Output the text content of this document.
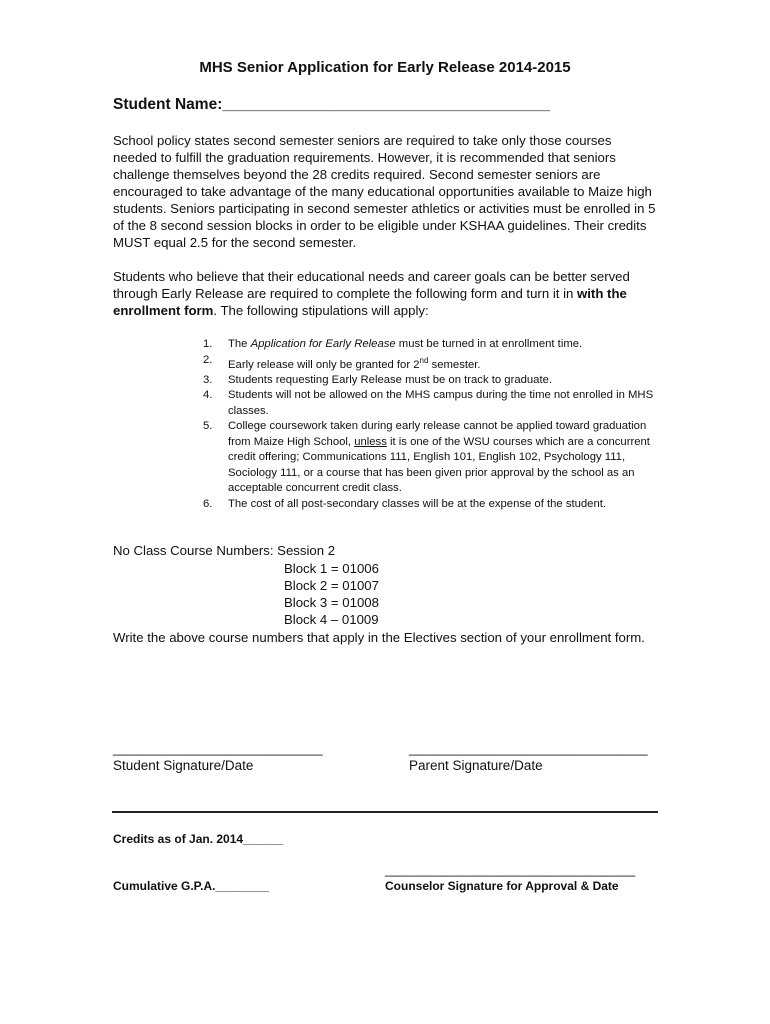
MHS Senior Application for Early Release 2014-2015
Student Name:______________________________________
School policy states second semester seniors are required to take only those courses needed to fulfill the graduation requirements. However, it is recommended that seniors challenge themselves beyond the 28 credits required. Second semester seniors are encouraged to take advantage of the many educational opportunities available to Maize high students. Seniors participating in second semester athletics or activities must be enrolled in 5 of the 8 second session blocks in order to be eligible under KSHAA guidelines. Their credits MUST equal 2.5 for the second semester.
Students who believe that their educational needs and career goals can be better served through Early Release are required to complete the following form and turn it in with the enrollment form. The following stipulations will apply:
1. The Application for Early Release must be turned in at enrollment time.
2. Early release will only be granted for 2nd semester.
3. Students requesting Early Release must be on track to graduate.
4. Students will not be allowed on the MHS campus during the time not enrolled in MHS classes.
5. College coursework taken during early release cannot be applied toward graduation from Maize High School, unless it is one of the WSU courses which are a concurrent credit offering; Communications 111, English 101, English 102, Psychology 111, Sociology 111, or a course that has been given prior approval by the school as an acceptable concurrent credit class.
6. The cost of all post-secondary classes will be at the expense of the student.
No Class Course Numbers: Session 2
Block 1 = 01006
Block 2 = 01007
Block 3 = 01008
Block 4 – 01009
Write the above course numbers that apply in the Electives section of your enrollment form.
_____________________________
Student Signature/Date
_________________________________
Parent Signature/Date
Credits as of Jan. 2014______
____________________________________
Counselor Signature for Approval & Date
Cumulative G.P.A.________
